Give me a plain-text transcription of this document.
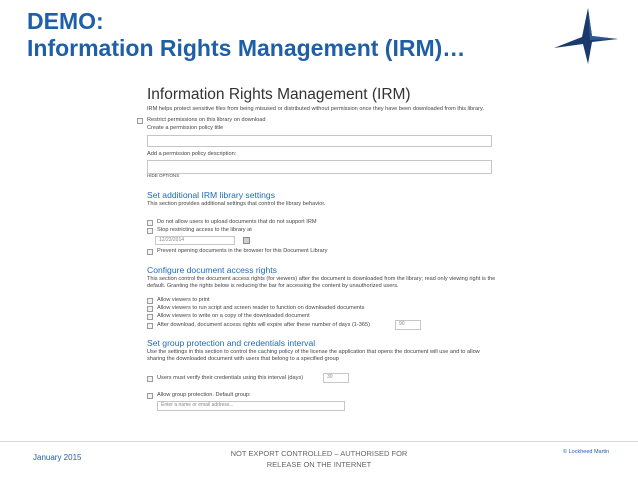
DEMO:
Information Rights Management (IRM)…
Information Rights Management (IRM)
IRM helps protect sensitive files from being misused or distributed without permission once they have been downloaded from this library.
Restrict permissions on this library on download
Create a permission policy title
Add a permission policy description:
HIDE OPTIONS
Set additional IRM library settings
This section provides additional settings that control the library behavior.
Do not allow users to upload documents that do not support IRM
Stop restricting access to the library at
12/23/2014
Prevent opening documents in the browser for this Document Library
Configure document access rights
This section control the document access rights (for viewers) after the document is downloaded from the library; read only viewing right is the default. Granting the rights below is reducing the bar for accessing the content by unauthorized users.
Allow viewers to print
Allow viewers to run script and screen reader to function on downloaded documents
Allow viewers to write on a copy of the downloaded document
After download, document access rights will expire after these number of days (1-365)	90
Set group protection and credentials interval
Use the settings in this section to control the caching policy of the license the application that opens the document will use and to allow sharing the downloaded document with users that belong to a specified group
Users must verify their credentials using this interval (days)	30
Allow group protection. Default group:
Enter a name or email address...
January 2015	NOT EXPORT CONTROLLED – AUTHORISED FOR
RELEASE ON THE INTERNET
© Lockheed Martin
